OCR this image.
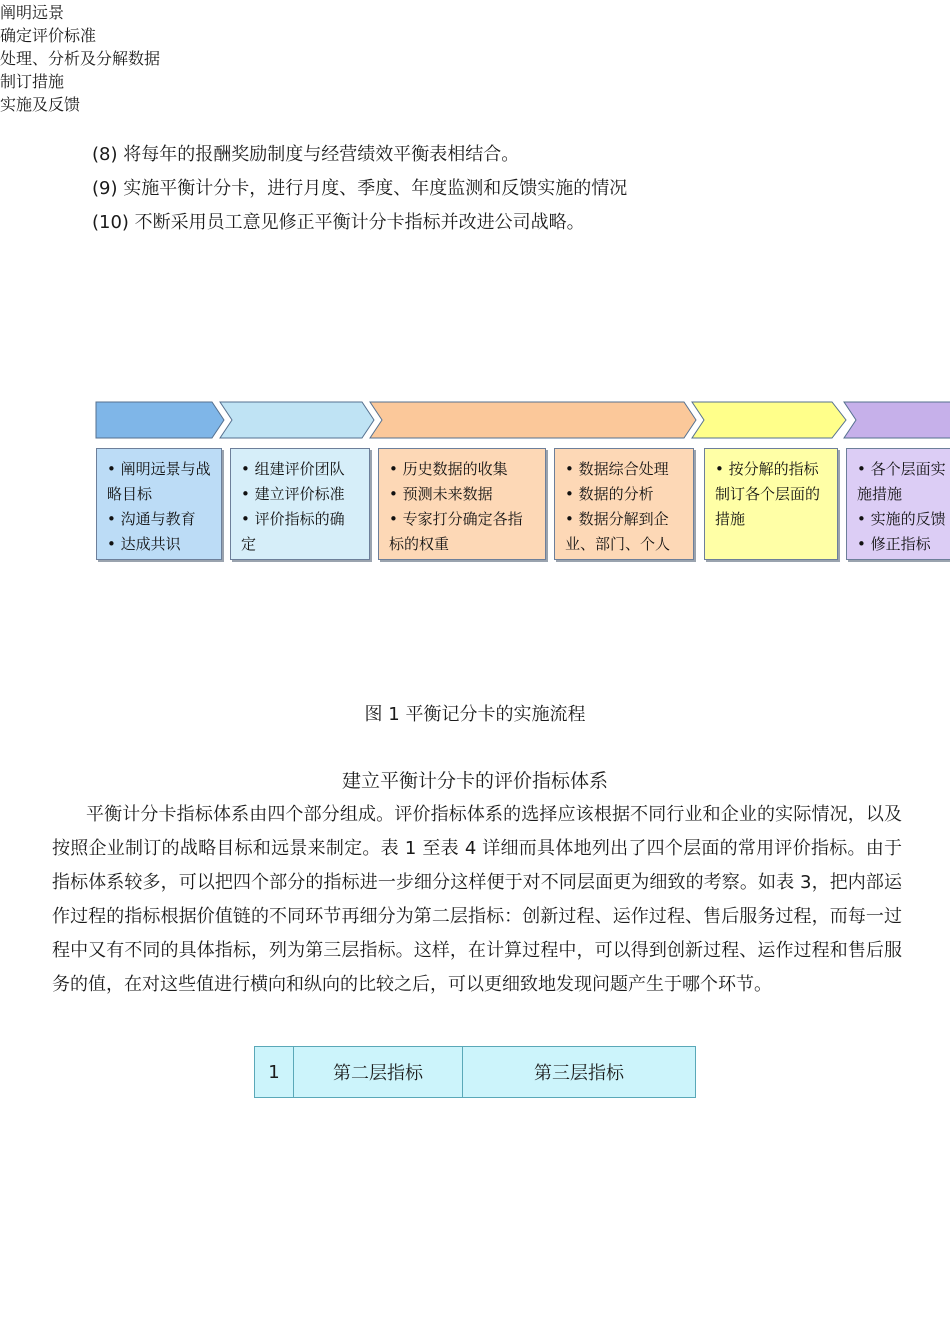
(8) 将每年的报酬奖励制度与经营绩效平衡表相结合。
(9) 实施平衡计分卡，进行月度、季度、年度监测和反馈实施的情况
(10) 不断采用员工意见修正平衡计分卡指标并改进公司战略。
阐明远景
确定评价标准
处理、分析及分解数据
制订措施
实施及反馈
• 阐明远景与战略目标
• 沟通与教育
• 达成共识
• 组建评价团队
• 建立评价标准
• 评价指标的确定
• 历史数据的收集
• 预测未来数据
• 专家打分确定各指标的权重
• 数据综合处理
• 数据的分析
• 数据分解到企业、部门、个人
• 按分解的指标制订各个层面的措施
• 各个层面实施措施
• 实施的反馈
• 修正指标
图 1 平衡记分卡的实施流程
建立平衡计分卡的评价指标体系
平衡计分卡指标体系由四个部分组成。评价指标体系的选择应该根据不同行业和企业的实际情况，以及按照企业制订的战略目标和远景来制定。表 1 至表 4 详细而具体地列出了四个层面的常用评价指标。由于指标体系较多，可以把四个部分的指标进一步细分这样便于对不同层面更为细致的考察。如表 3，把内部运作过程的指标根据价值链的不同环节再细分为第二层指标：创新过程、运作过程、售后服务过程，而每一过程中又有不同的具体指标，列为第三层指标。这样，在计算过程中，可以得到创新过程、运作过程和售后服务的值，在对这些值进行横向和纵向的比较之后，可以更细致地发现问题产生于哪个环节。
1	第二层指标	第三层指标
